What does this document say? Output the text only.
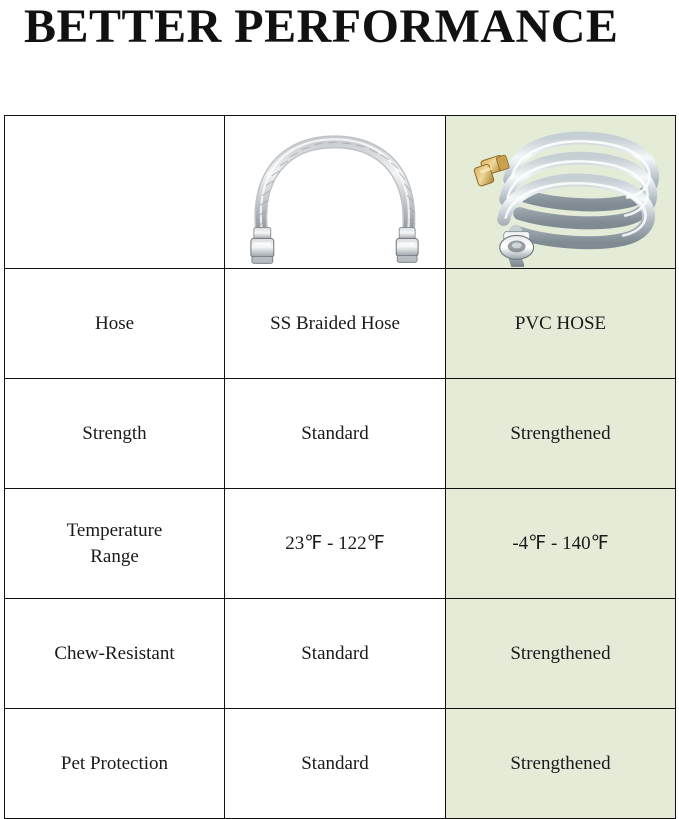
BETTER PERFORMANCE

Hose	SS Braided Hose	PVC HOSE
Strength	Standard	Strengthened

Temperature
Range	23℉ - 122℉	-4℉ - 140℉
Chew-Resistant	Standard	Strengthened
Pet Protection	Standard	Strengthened
